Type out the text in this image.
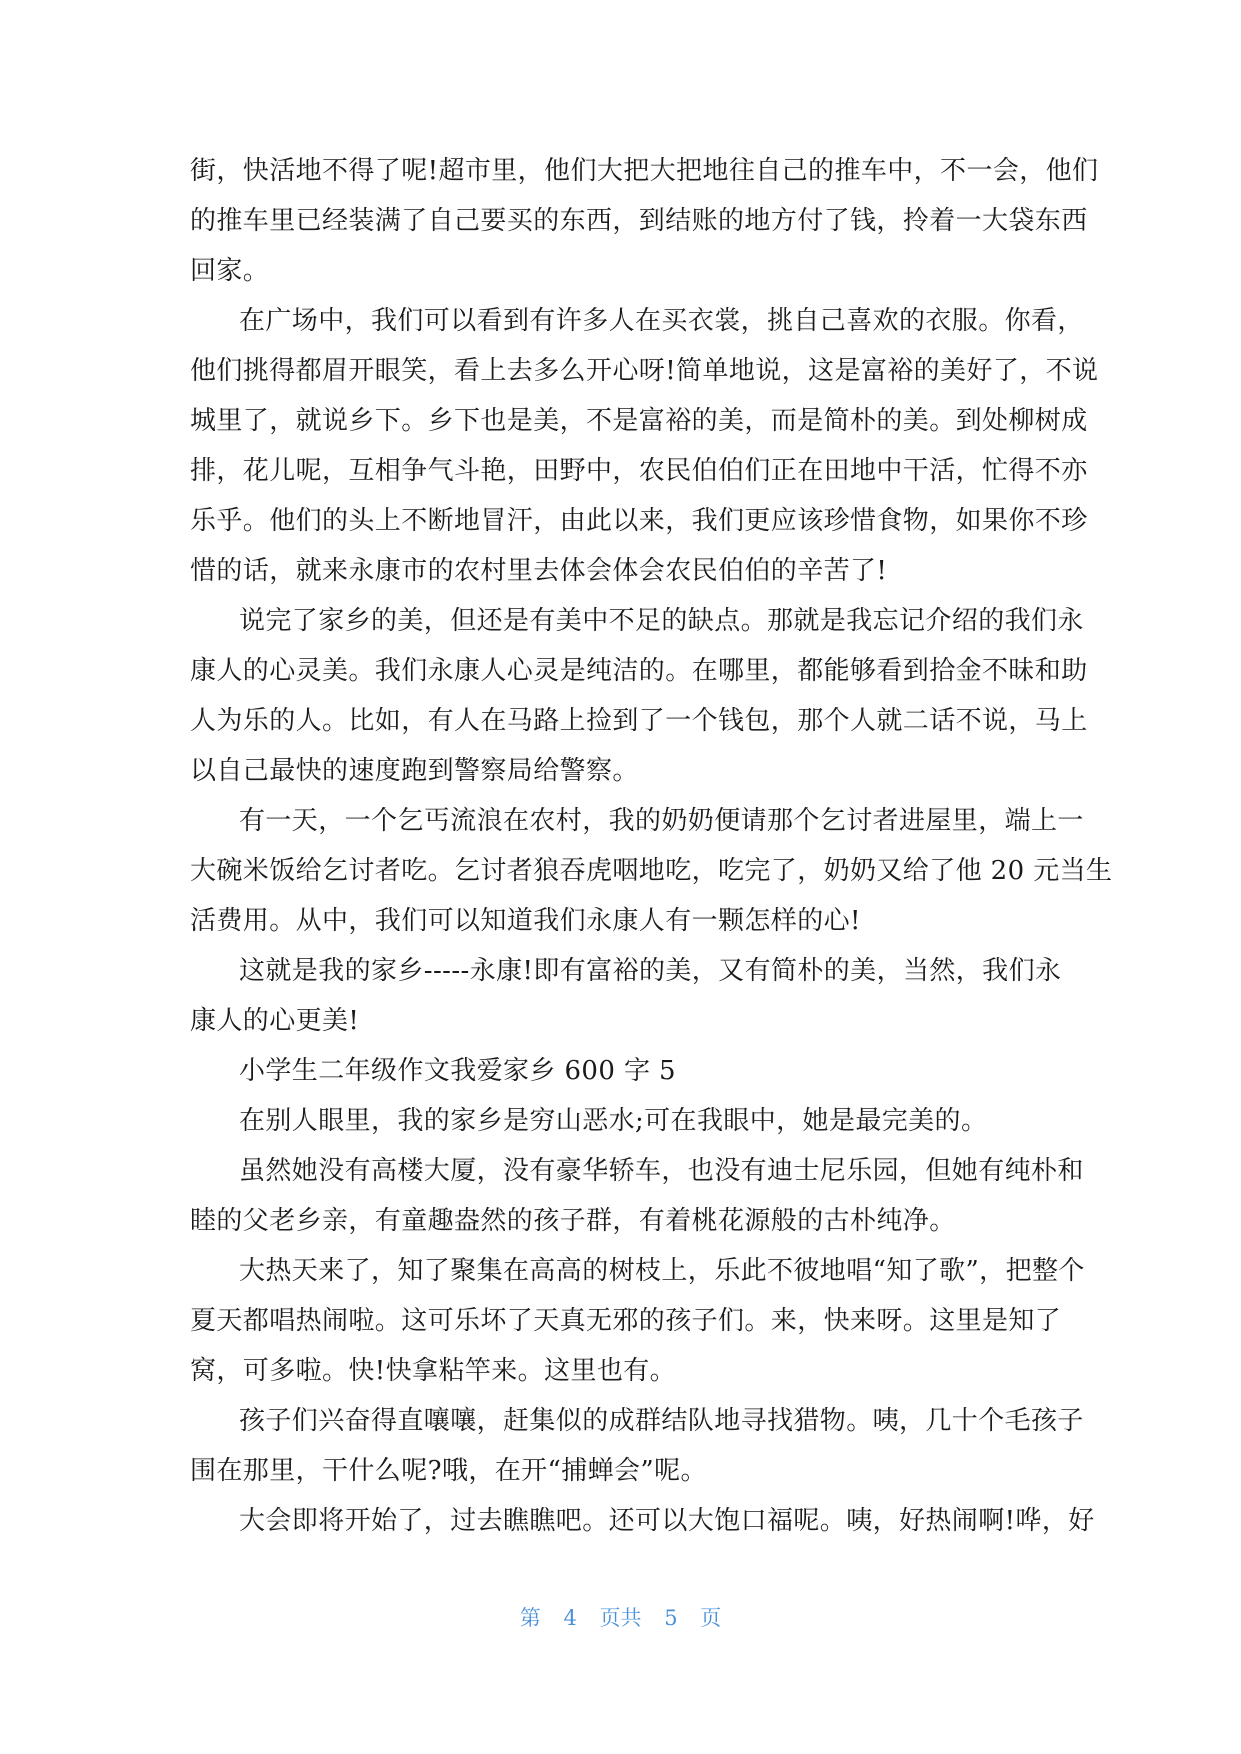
街，快活地不得了呢!超市里，他们大把大把地往自己的推车中，不一会，他们
的推车里已经装满了自己要买的东西，到结账的地方付了钱，拎着一大袋东西
回家。
在广场中，我们可以看到有许多人在买衣裳，挑自己喜欢的衣服。你看，
他们挑得都眉开眼笑，看上去多么开心呀!简单地说，这是富裕的美好了，不说
城里了，就说乡下。乡下也是美，不是富裕的美，而是简朴的美。到处柳树成
排，花儿呢，互相争气斗艳，田野中，农民伯伯们正在田地中干活，忙得不亦
乐乎。他们的头上不断地冒汗，由此以来，我们更应该珍惜食物，如果你不珍
惜的话，就来永康市的农村里去体会体会农民伯伯的辛苦了!
说完了家乡的美，但还是有美中不足的缺点。那就是我忘记介绍的我们永
康人的心灵美。我们永康人心灵是纯洁的。在哪里，都能够看到拾金不昧和助
人为乐的人。比如，有人在马路上捡到了一个钱包，那个人就二话不说，马上
以自己最快的速度跑到警察局给警察。
有一天，一个乞丐流浪在农村，我的奶奶便请那个乞讨者进屋里，端上一
大碗米饭给乞讨者吃。乞讨者狼吞虎咽地吃，吃完了，奶奶又给了他 20 元当生
活费用。从中，我们可以知道我们永康人有一颗怎样的心!
这就是我的家乡-----永康!即有富裕的美，又有简朴的美，当然，我们永
康人的心更美!
小学生二年级作文我爱家乡 600 字 5
在别人眼里，我的家乡是穷山恶水;可在我眼中，她是最完美的。
虽然她没有高楼大厦，没有豪华轿车，也没有迪士尼乐园，但她有纯朴和
睦的父老乡亲，有童趣盎然的孩子群，有着桃花源般的古朴纯净。
大热天来了，知了聚集在高高的树枝上，乐此不彼地唱“知了歌”，把整个
夏天都唱热闹啦。这可乐坏了天真无邪的孩子们。来，快来呀。这里是知了
窝，可多啦。快!快拿粘竿来。这里也有。
孩子们兴奋得直嚷嚷，赶集似的成群结队地寻找猎物。咦，几十个毛孩子
围在那里，干什么呢?哦，在开“捕蝉会”呢。
大会即将开始了，过去瞧瞧吧。还可以大饱口福呢。咦，好热闹啊!哗，好
第 4 页共 5 页
